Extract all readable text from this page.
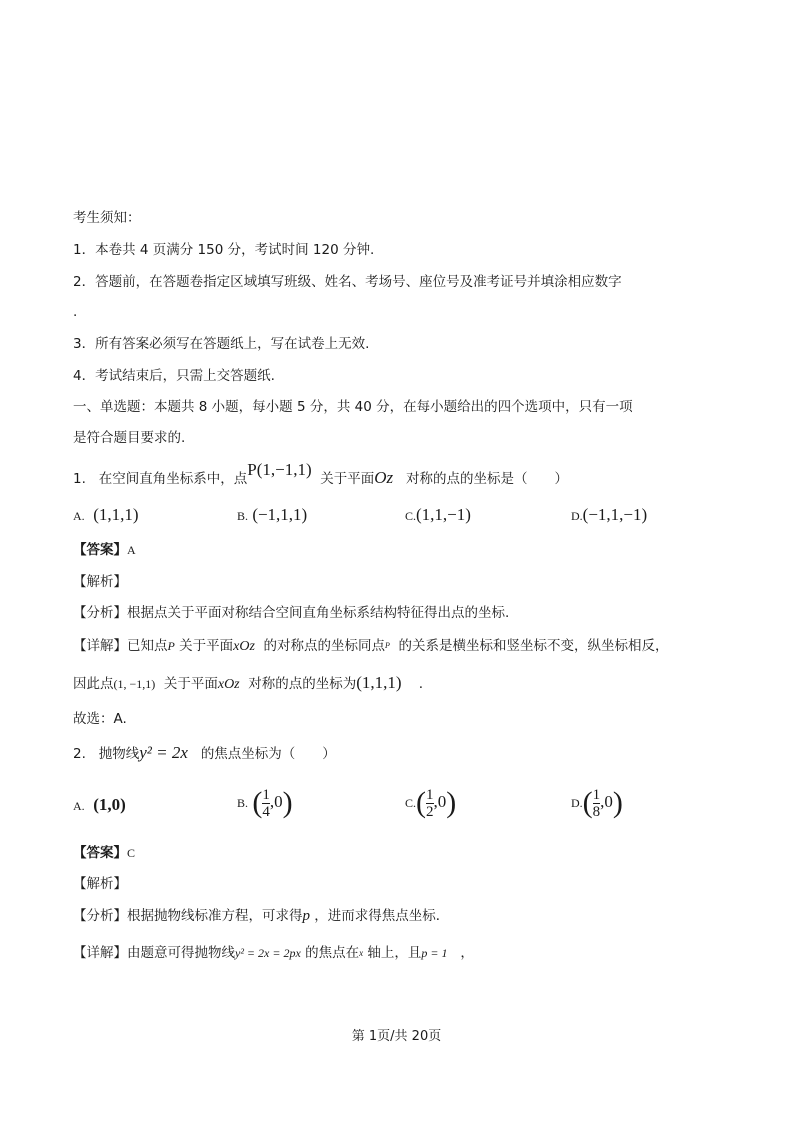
考生须知：
1．本卷共 4 页满分 150 分，考试时间 120 分钟.
2．答题前，在答题卷指定区域填写班级、姓名、考场号、座位号及准考证号并填涂相应数字
.
3．所有答案必须写在答题纸上，写在试卷上无效.
4．考试结束后，只需上交答题纸.
一、单选题：本题共 8 小题，每小题 5 分，共 40 分，在每小题给出的四个选项中，只有一项
是符合题目要求的.
1. 在空间直角坐标系中，点P(1,−1,1) 关于平面Oz 对称的点的坐标是（　　）
A. (1,1,1)	B. (−1,1,1)	C.(1,1,−1)	D.(−1,1,−1)
【答案】A
【解析】
【分析】根据点关于平面对称结合空间直角坐标系结构特征得出点的坐标.
【详解】已知点P 关于平面xOz 的对称点的坐标同点$^P$ 的关系是横坐标和竖坐标不变，纵坐标相反，
因此点(1, −1,1) 关于平面xOz 对称的点的坐标为(1,1,1) .
故选：A.
2. 抛物线y² = 2x 的焦点坐标为（　　）
A. (1,0)	B. ( $\frac{1}{4} ,0$)	$C.( \frac{1}{2} ,0)$	$D.( \frac{1}{8} ,0)$
【答案】C
【解析】
【分析】根据抛物线标准方程，可求得p ，进而求得焦点坐标．
【详解】由题意可得抛物线y² = 2x = 2px 的焦点在$^x$ 轴上，且p = 1 ，
第 1页/共 20页
